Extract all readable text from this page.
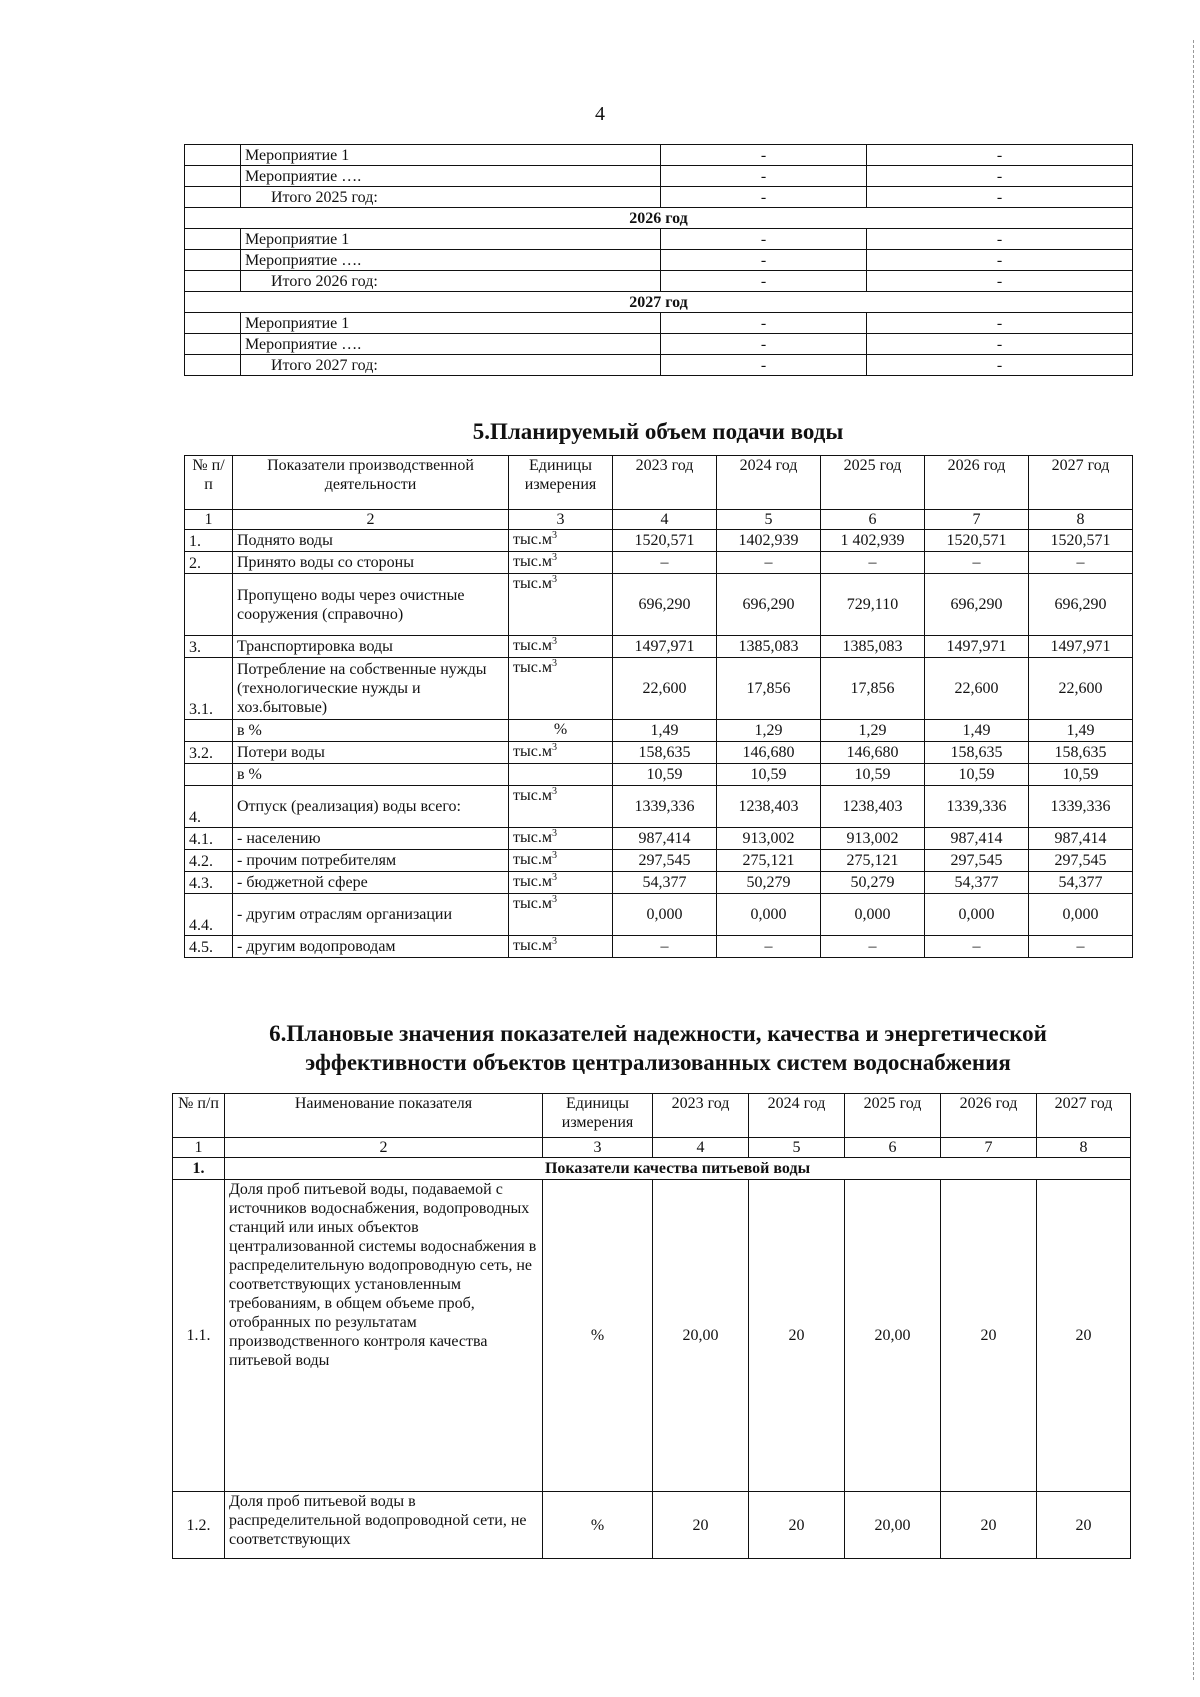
4
	Мероприятие 1	-	-
	Мероприятие ….	-	-
	Итого 2025 год:	-	-
2026 год			
	Мероприятие 1	-	-
	Мероприятие ….	-	-
	Итого 2026 год:	-	-
2027 год			
	Мероприятие 1	-	-
	Мероприятие ….	-	-
	Итого 2027 год:	-	-
5.Планируемый объем подачи воды
№ п/п	Показатели производственной деятельности	Единицы измерения	2023 год	2024 год	2025 год	2026 год	2027 год
1	2	3	4	5	6	7	8
1.	Поднято воды	$тыс.м^3$	1520,571	1402,939	1 402,939	1520,571	1520,571
2.	Принято воды со стороны	$тыс.м^3$	–	–	–	–	–
	Пропущено воды через очистные сооружения (справочно)	$тыс.м^3$	696,290	696,290	729,110	696,290	696,290
3.	Транспортировка воды	$тыс.м^3$	1497,971	1385,083	1385,083	1497,971	1497,971
3.1.	Потребление на собственные нужды (технологические нужды и хоз.бытовые)	$тыс.м^3$	22,600	17,856	17,856	22,600	22,600
	в %	%	1,49	1,29	1,29	1,49	1,49
3.2.	Потери воды	$тыс.м^3$	158,635	146,680	146,680	158,635	158,635
	в %		10,59	10,59	10,59	10,59	10,59
4.	Отпуск (реализация) воды всего:	$тыс.м^3$	1339,336	1238,403	1238,403	1339,336	1339,336
4.1.	- населению	$тыс.м^3$	987,414	913,002	913,002	987,414	987,414
4.2.	- прочим потребителям	$тыс.м^3$	297,545	275,121	275,121	297,545	297,545
4.3.	- бюджетной сфере	$тыс.м^3$	54,377	50,279	50,279	54,377	54,377
4.4.	- другим отраслям организации	$тыс.м^3$	0,000	0,000	0,000	0,000	0,000
4.5.	- другим водопроводам	$тыс.м^3$	–	–	–	–	–
6.Плановые значения показателей надежности, качества и энергетической
эффективности объектов централизованных систем водоснабжения
№ п/п	Наименование показателя	Единицы измерения	2023 год	2024 год	2025 год	2026 год	2027 год
1	2	3	4	5	6	7	8
1.	Показатели качества питьевой воды						
1.1.	Доля проб питьевой воды, подаваемой с источников водоснабжения, водопроводных станций или иных объектов централизованной системы водоснабжения в распределительную водопроводную сеть, не соответствующих установленным требованиям, в общем объеме проб, отобранных по результатам производственного контроля качества питьевой воды	%	20,00	20	20,00	20	20
1.2.	Доля проб питьевой воды в распределительной водопроводной сети, не соответствующих	%	20	20	20,00	20	20
